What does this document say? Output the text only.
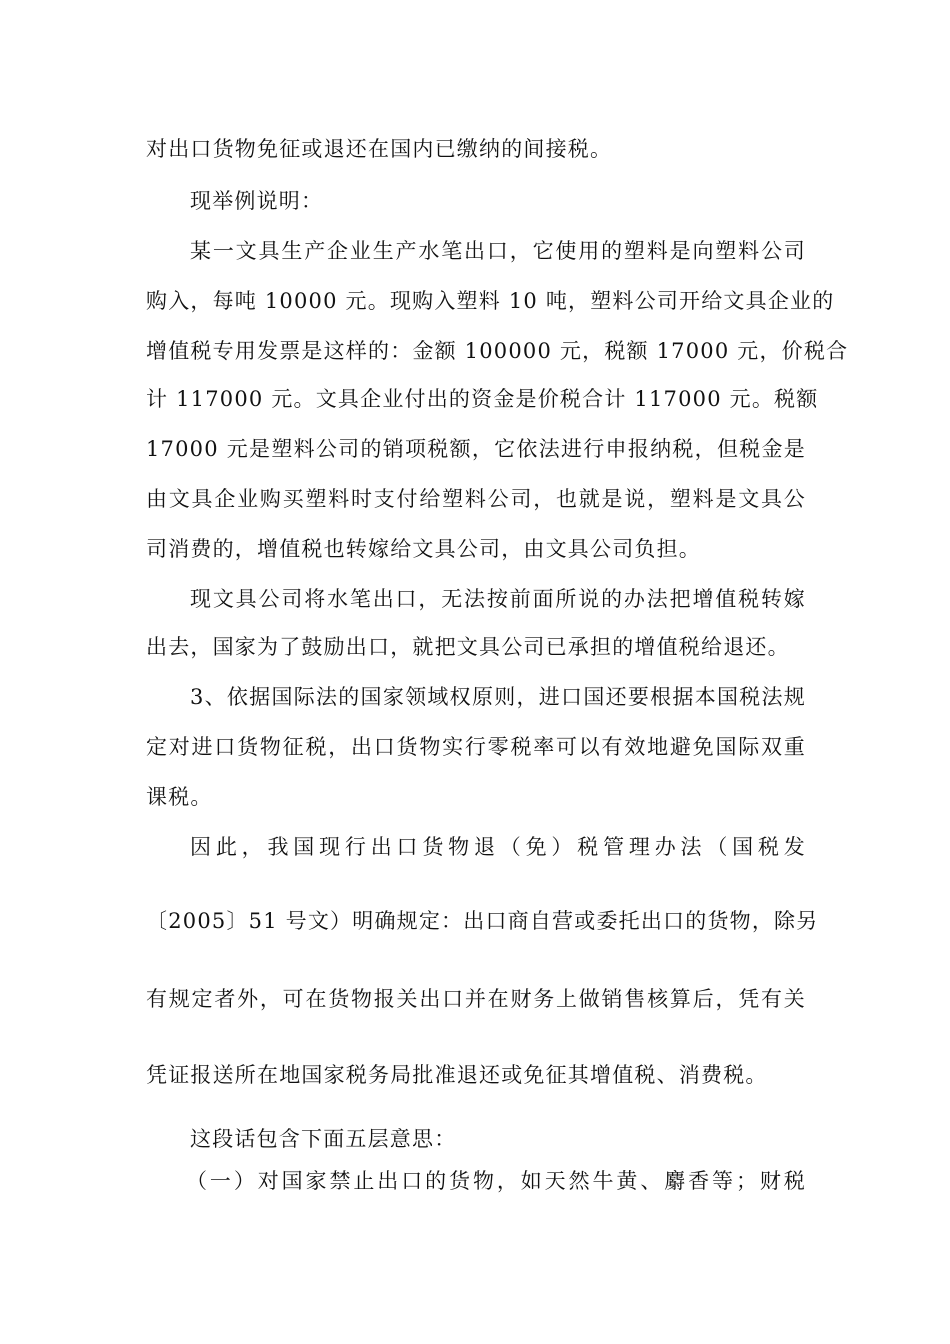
对出口货物免征或退还在国内已缴纳的间接税。
现举例说明：
某一文具生产企业生产水笔出口，它使用的塑料是向塑料公司
购入，每吨 10000 元。现购入塑料 10 吨，塑料公司开给文具企业的
增值税专用发票是这样的：金额 100000 元，税额 17000 元，价税合
计 117000 元。文具企业付出的资金是价税合计 117000 元。税额
17000 元是塑料公司的销项税额，它依法进行申报纳税，但税金是
由文具企业购买塑料时支付给塑料公司，也就是说，塑料是文具公
司消费的，增值税也转嫁给文具公司，由文具公司负担。
现文具公司将水笔出口，无法按前面所说的办法把增值税转嫁
出去，国家为了鼓励出口，就把文具公司已承担的增值税给退还。
3、依据国际法的国家领域权原则，进口国还要根据本国税法规
定对进口货物征税，出口货物实行零税率可以有效地避免国际双重
课税。
因此，我国现行出口货物退（免）税管理办法（国税发
〔2005〕51 号文）明确规定：出口商自营或委托出口的货物，除另
有规定者外，可在货物报关出口并在财务上做销售核算后，凭有关
凭证报送所在地国家税务局批准退还或免征其增值税、消费税。
这段话包含下面五层意思：
（一）对国家禁止出口的货物，如天然牛黄、麝香等；财税
